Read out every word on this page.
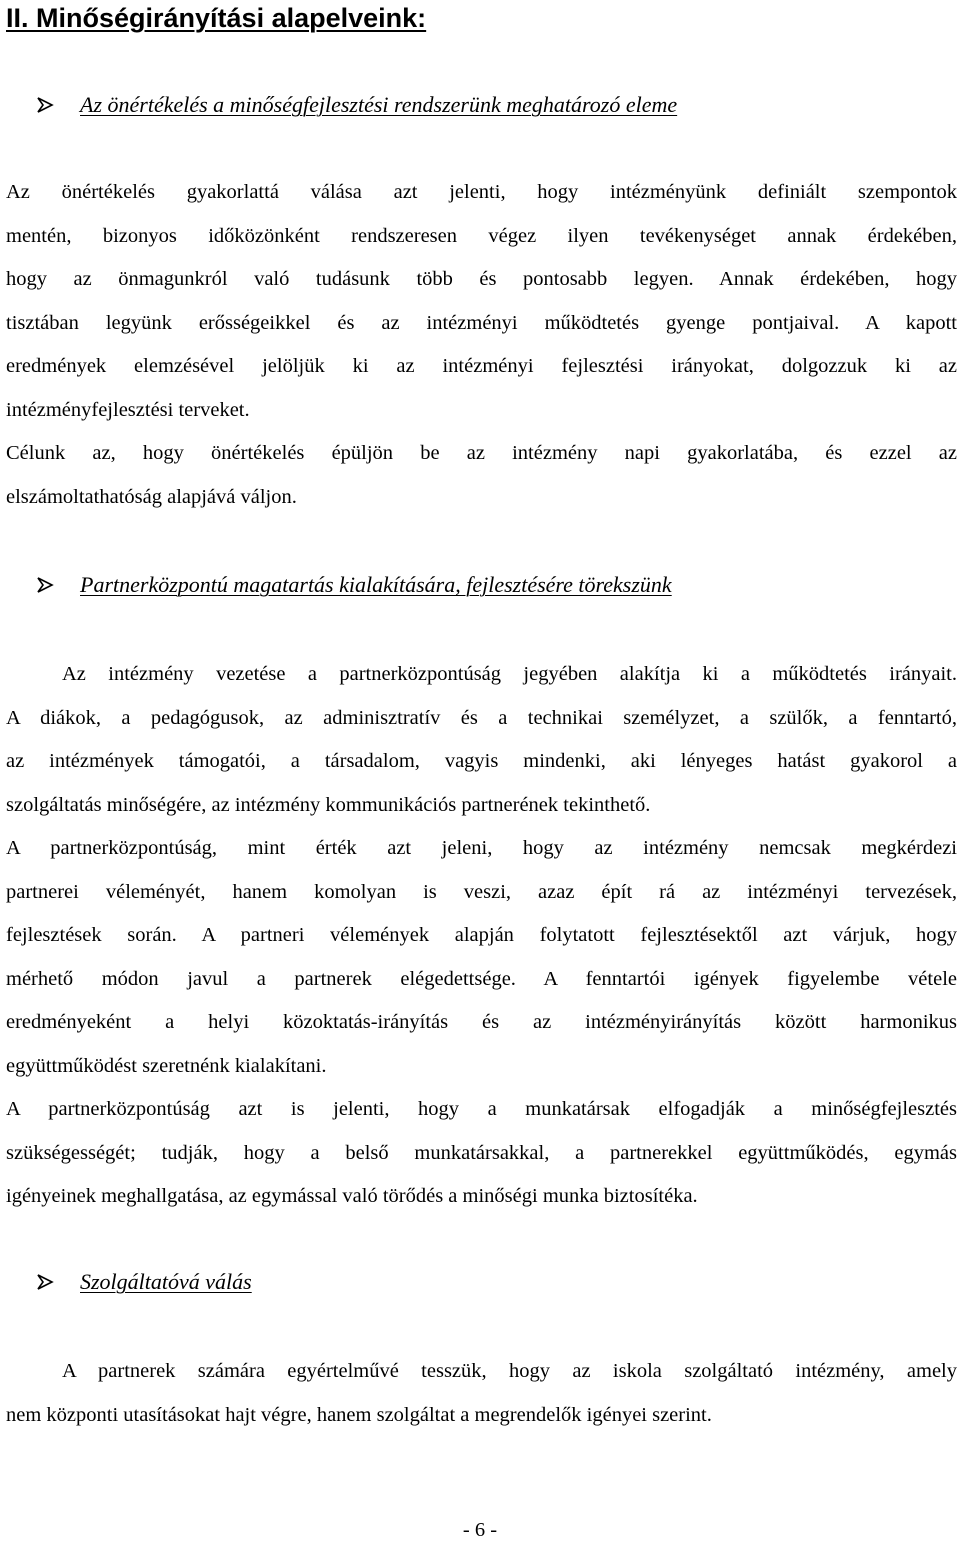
II. Minőségirányítási alapelveink:
Az önértékelés a minőségfejlesztési rendszerünk meghatározó eleme
Az önértékelés gyakorlattá válása azt jelenti, hogy intézményünk definiált szempontok
mentén, bizonyos időközönként rendszeresen végez ilyen tevékenységet annak érdekében,
hogy az önmagunkról való tudásunk több és pontosabb legyen. Annak érdekében, hogy
tisztában legyünk erősségeikkel és az intézményi működtetés gyenge pontjaival. A kapott
eredmények elemzésével jelöljük ki az intézményi fejlesztési irányokat, dolgozzuk ki az
intézményfejlesztési terveket.
Célunk az, hogy önértékelés épüljön be az intézmény napi gyakorlatába, és ezzel az
elszámoltathatóság alapjává váljon.
Partnerközpontú magatartás kialakítására, fejlesztésére törekszünk
Az intézmény vezetése a partnerközpontúság jegyében alakítja ki a működtetés irányait.
A diákok, a pedagógusok, az adminisztratív és a technikai személyzet, a szülők, a fenntartó,
az intézmények támogatói, a társadalom, vagyis mindenki, aki lényeges hatást gyakorol a
szolgáltatás minőségére, az intézmény kommunikációs partnerének tekinthető.
A partnerközpontúság, mint érték azt jeleni, hogy az intézmény nemcsak megkérdezi
partnerei véleményét, hanem komolyan is veszi, azaz épít rá az intézményi tervezések,
fejlesztések során. A partneri vélemények alapján folytatott fejlesztésektől azt várjuk, hogy
mérhető módon javul a partnerek elégedettsége. A fenntartói igények figyelembe vétele
eredményeként a helyi közoktatás-irányítás és az intézményirányítás között harmonikus
együttműködést szeretnénk kialakítani.
A partnerközpontúság azt is jelenti, hogy a munkatársak elfogadják a minőségfejlesztés
szükségességét; tudják, hogy a belső munkatársakkal, a partnerekkel együttműködés, egymás
igényeinek meghallgatása, az egymással való törődés a minőségi munka biztosítéka.
Szolgáltatóvá válás
A partnerek számára egyértelművé tesszük, hogy az iskola szolgáltató intézmény, amely
nem központi utasításokat hajt végre, hanem szolgáltat a megrendelők igényei szerint.
- 6 -
